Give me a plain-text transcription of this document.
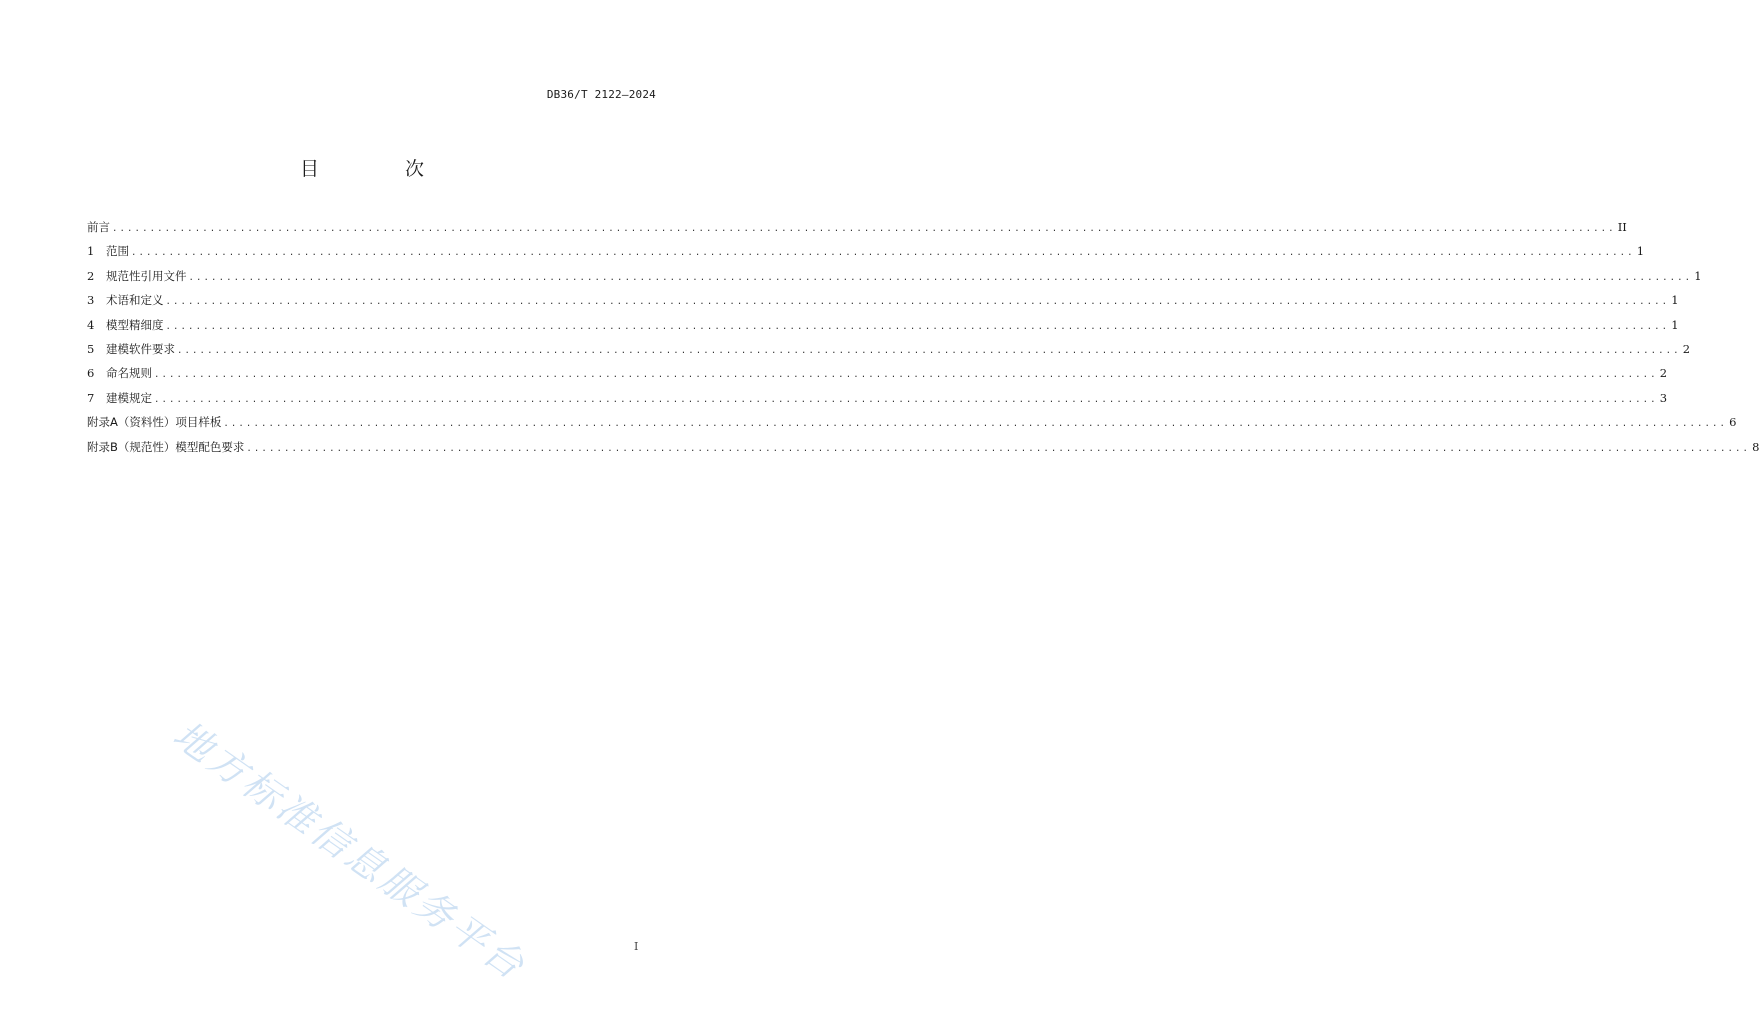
DB36/T 2122—2024
目 次
前言 ........................................................................................................................................................................................................ II
1	范围 ........................................................................................................................................................................................................ 1
2	规范性引用文件 ........................................................................................................................................................................................................ 1
3	术语和定义 ........................................................................................................................................................................................................ 1
4	模型精细度 ........................................................................................................................................................................................................ 1
5	建模软件要求 ........................................................................................................................................................................................................ 2
6	命名规则 ........................................................................................................................................................................................................ 2
7	建模规定 ........................................................................................................................................................................................................ 3
附录A（资料性）项目样板 ........................................................................................................................................................................................................ 6
附录B（规范性）模型配色要求 ........................................................................................................................................................................................................ 8
地方标准信息服务平台	I
